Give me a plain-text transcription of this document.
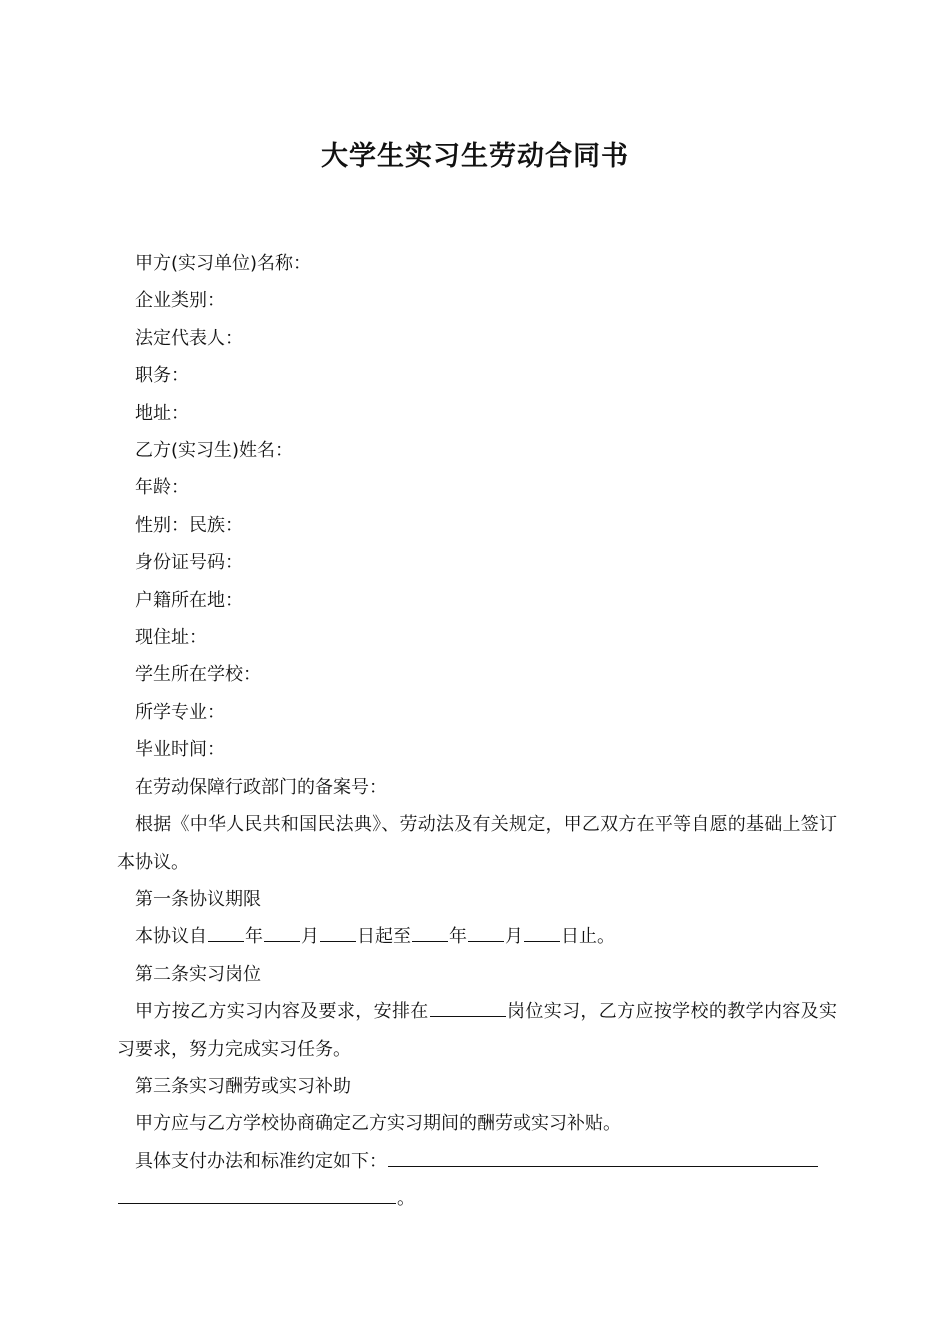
大学生实习生劳动合同书

甲方(实习单位)名称：

企业类别：

法定代表人：

职务：

地址：

乙方(实习生)姓名：

年龄：

性别：民族：

身份证号码：

户籍所在地：

现住址：

学生所在学校：

所学专业：

毕业时间：

在劳动保障行政部门的备案号：

根据《中华人民共和国民法典》、劳动法及有关规定，甲乙双方在平等自愿的基础上签订本协议。

第一条协议期限

本协议自 年 月 日起至 年 月 日止。

第二条实习岗位

甲方按乙方实习内容及要求，安排在	岗位实习，乙方应按学校的教学内容及实习要求，努力完成实习任务。

第三条实习酬劳或实习补助

甲方应与乙方学校协商确定乙方实习期间的酬劳或实习补贴。

具体支付办法和标准约定如下：

。
